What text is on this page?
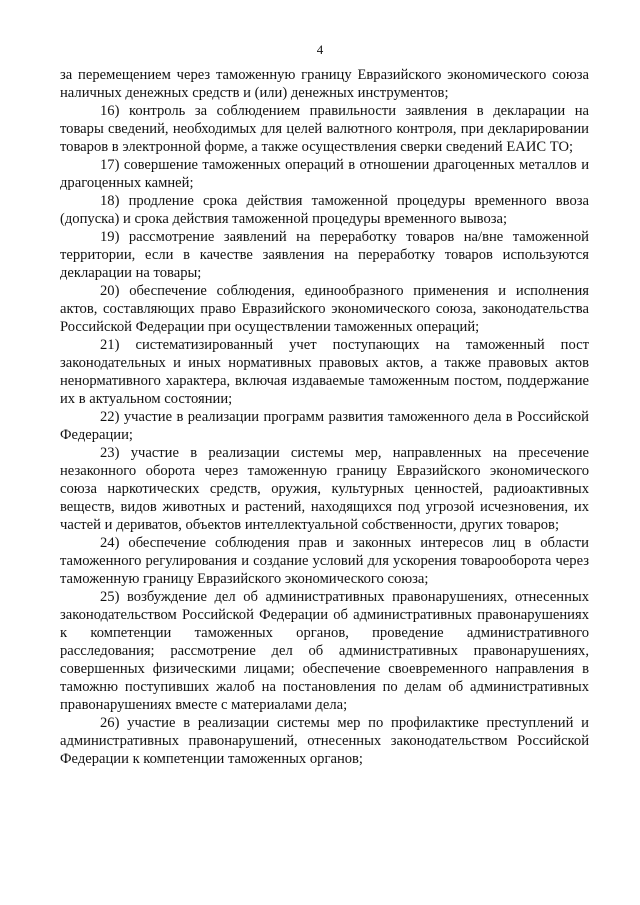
4

за перемещением через таможенную границу Евразийского экономического союза наличных денежных средств и (или) денежных инструментов;

16) контроль за соблюдением правильности заявления в декларации на товары сведений, необходимых для целей валютного контроля, при декларировании товаров в электронной форме, а также осуществления сверки сведений ЕАИС ТО;

17) совершение таможенных операций в отношении драгоценных металлов и драгоценных камней;

18) продление срока действия таможенной процедуры временного ввоза (допуска) и срока действия таможенной процедуры временного вывоза;

19) рассмотрение заявлений на переработку товаров на/вне таможенной территории, если в качестве заявления на переработку товаров используются декларации на товары;

20) обеспечение соблюдения, единообразного применения и исполнения актов, составляющих право Евразийского экономического союза, законодательства Российской Федерации при осуществлении таможенных операций;

21) систематизированный учет поступающих на таможенный пост законодательных и иных нормативных правовых актов, а также правовых актов ненормативного характера, включая издаваемые таможенным постом, поддержание их в актуальном состоянии;

22) участие в реализации программ развития таможенного дела в Российской Федерации;

23) участие в реализации системы мер, направленных на пресечение незаконного оборота через таможенную границу Евразийского экономического союза наркотических средств, оружия, культурных ценностей, радиоактивных веществ, видов животных и растений, находящихся под угрозой исчезновения, их частей и дериватов, объектов интеллектуальной собственности, других товаров;

24) обеспечение соблюдения прав и законных интересов лиц в области таможенного регулирования и создание условий для ускорения товарооборота через таможенную границу Евразийского экономического союза;

25) возбуждение дел об административных правонарушениях, отнесенных законодательством Российской Федерации об административных правонарушениях к компетенции таможенных органов, проведение административного расследования; рассмотрение дел об административных правонарушениях, совершенных физическими лицами; обеспечение своевременного направления в таможню поступивших жалоб на постановления по делам об административных правонарушениях вместе с материалами дела;

26) участие в реализации системы мер по профилактике преступлений и административных правонарушений, отнесенных законодательством Российской Федерации к компетенции таможенных органов;
